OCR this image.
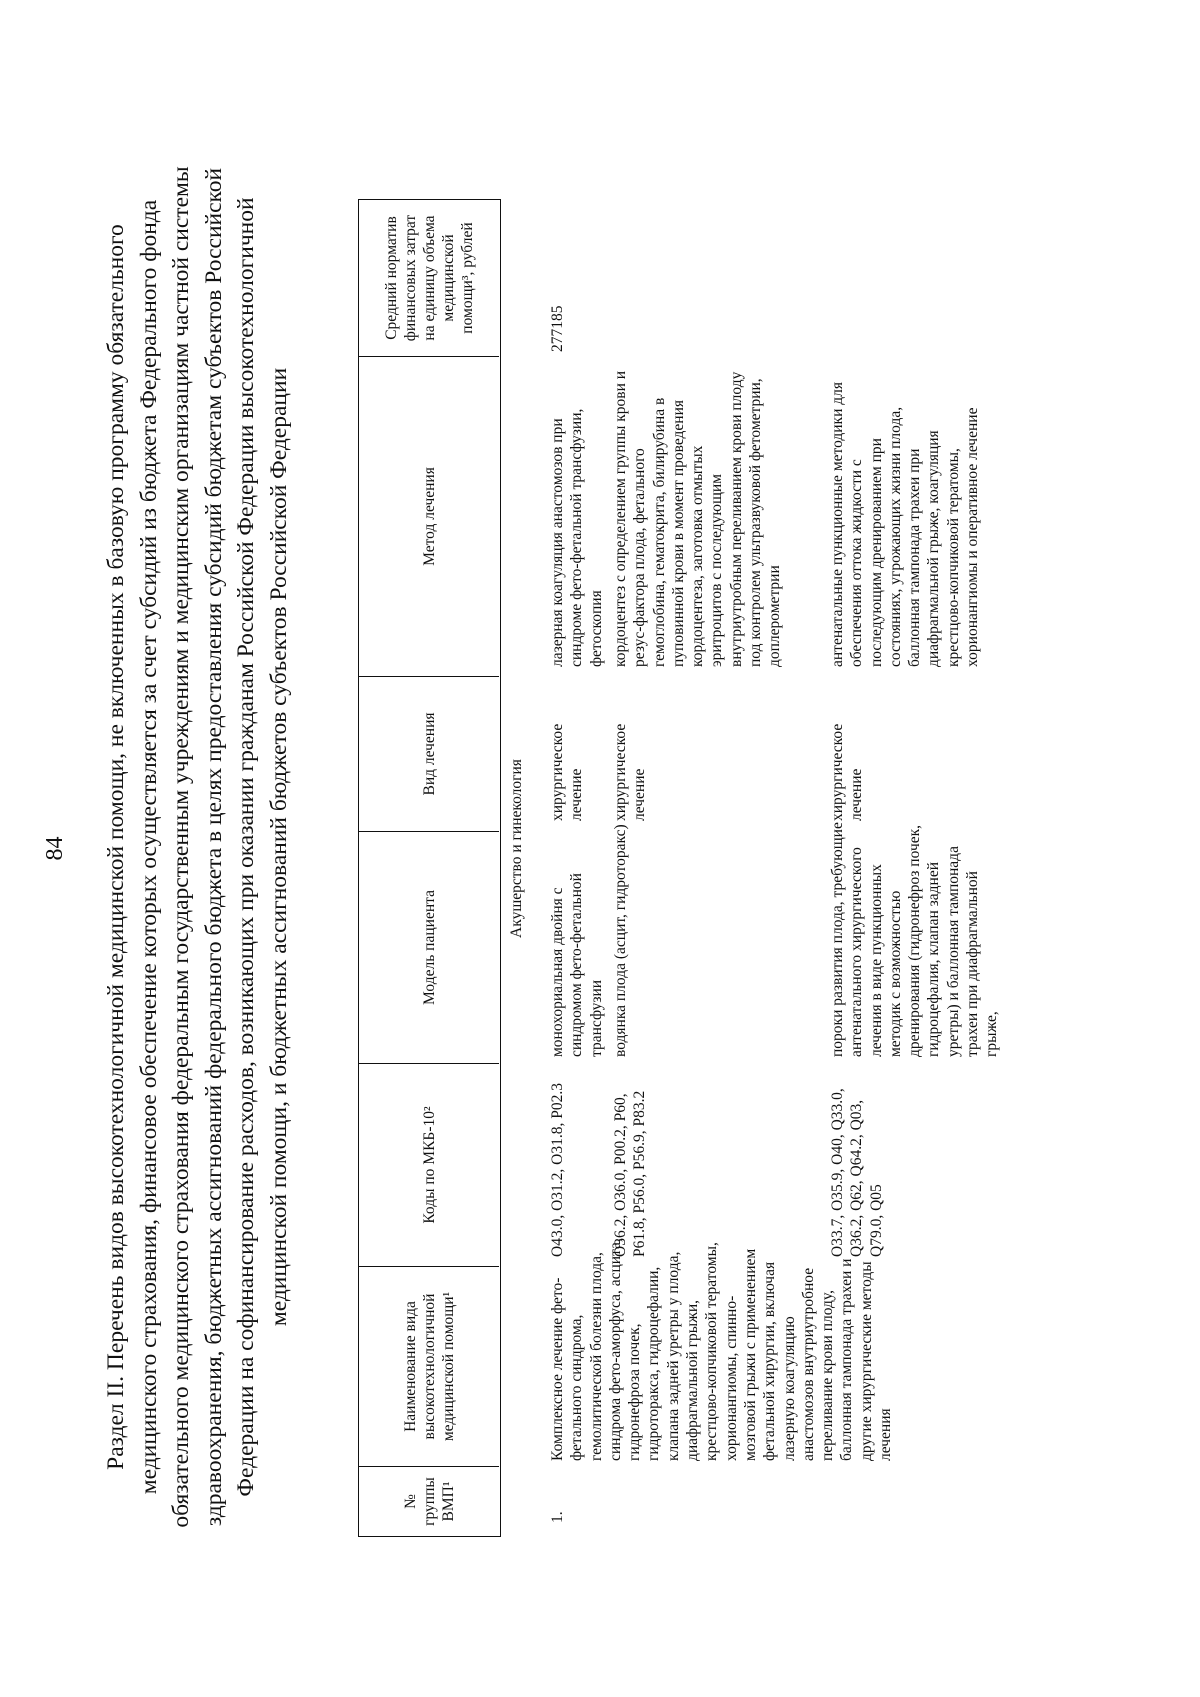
84 Раздел II. Перечень видов высокотехнологичной медицинской помощи, не включенных в базовую программу обязательного медицинского страхования, финансовое обеспечение которых осуществляется за счет субсидий из бюджета Федерального фонда обязательного медицинского страхования федеральным государственным учреждениям и медицинским организациям частной системы здравоохранения, бюджетных ассигнований федерального бюджета в целях предоставления субсидий бюджетам субъектов Российской Федерации на софинансирование расходов, возникающих при оказании гражданам Российской Федерации высокотехнологичной медицинской помощи, и бюджетных ассигнований бюджетов субъектов Российской Федерации
№ группы ВМП¹
Наименование вида высокотехнологичной медицинской помощи¹
Коды по МКБ-10²
Модель пациента
Вид лечения
Метод лечения
Средний норматив финансовых затрат на единицу объема медицинской помощи³, рублей
Акушерство и гинекология
1.
Комплексное лечение фето-фетального синдрома, гемолитической болезни плода, синдрома фето-аморфуса, асцита, гидронефроза почек, гидроторакса, гидроцефалии, клапана задней уретры у плода, диафрагмальной грыжи, крестцово-копчиковой тератомы, хорионангиомы, спинно-мозговой грыжи с применением фетальной хирургии, включая лазерную коагуляцию анастомозов внутриутробное переливание крови плоду, баллонная тампонада трахеи и другие хирургические методы лечения
277185
O43.0, O31.2, O31.8, P02.3
монохориальная двойня с синдромом фето-фетальной трансфузии
хирургическое лечение
лазерная коагуляция анастомозов при синдроме фето-фетальной трансфузии, фетоскопия
O36.2, O36.0, P00.2, P60, P61.8, P56.0, P56.9, P83.2
водянка плода (асцит, гидроторакс)
хирургическое лечение
кордоцентез с определением группы крови и резус-фактора плода, фетального гемоглобина, гематокрита, билирубина в пуповинной крови в момент проведения кордоцентеза, заготовка отмытых эритроцитов с последующим внутриутробным переливанием крови плоду под контролем ультразвуковой фетометрии, доплерометрии
O33.7, O35.9, O40, Q33.0, Q36.2, Q62, Q64.2, Q03, Q79.0, Q05
пороки развития плода, требующие антенатального хирургического лечения в виде пункционных методик с возможностью дренирования (гидронефроз почек, гидроцефалия, клапан задней уретры) и баллонная тампонада трахеи при диафрагмальной грыже,
хирургическое лечение
антенатальные пункционные методики для обеспечения оттока жидкости с последующим дренированием при состояниях, угрожающих жизни плода, баллонная тампонада трахеи при диафрагмальной грыже, коагуляция крестцово-копчиковой тератомы, хорионангиомы и оперативное лечение
